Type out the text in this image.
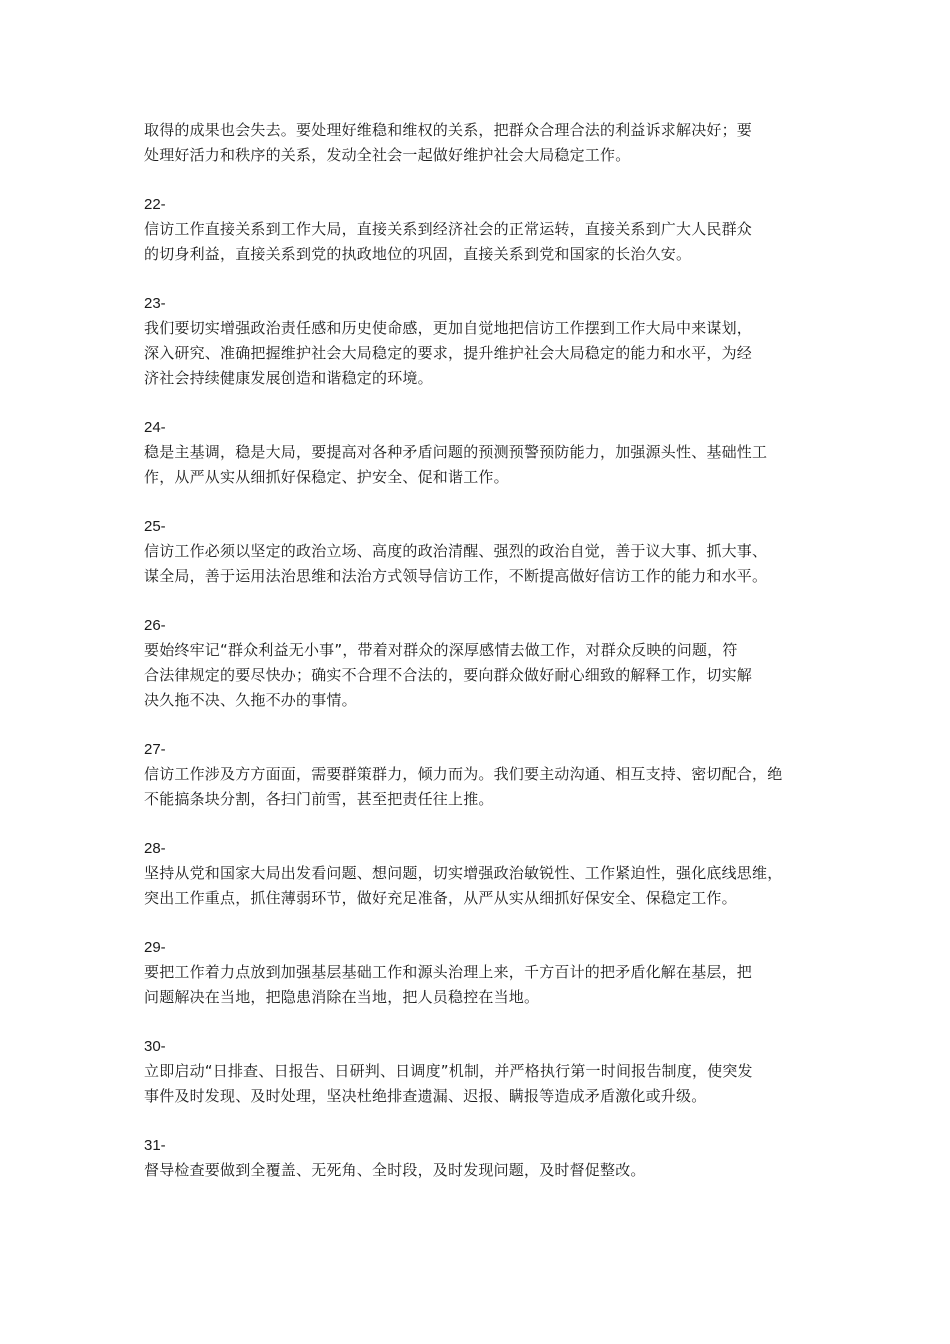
取得的成果也会失去。要处理好维稳和维权的关系，把群众合理合法的利益诉求解决好；要
处理好活力和秩序的关系，发动全社会一起做好维护社会大局稳定工作。
22-
信访工作直接关系到工作大局，直接关系到经济社会的正常运转，直接关系到广大人民群众
的切身利益，直接关系到党的执政地位的巩固，直接关系到党和国家的长治久安。
23-
我们要切实增强政治责任感和历史使命感，更加自觉地把信访工作摆到工作大局中来谋划，
深入研究、准确把握维护社会大局稳定的要求，提升维护社会大局稳定的能力和水平，为经
济社会持续健康发展创造和谐稳定的环境。
24-
稳是主基调，稳是大局，要提高对各种矛盾问题的预测预警预防能力，加强源头性、基础性工
作，从严从实从细抓好保稳定、护安全、促和谐工作。
25-
信访工作必须以坚定的政治立场、高度的政治清醒、强烈的政治自觉，善于议大事、抓大事、
谋全局，善于运用法治思维和法治方式领导信访工作，不断提高做好信访工作的能力和水平。
26-
要始终牢记“群众利益无小事”，带着对群众的深厚感情去做工作，对群众反映的问题，符
合法律规定的要尽快办；确实不合理不合法的，要向群众做好耐心细致的解释工作，切实解
决久拖不决、久拖不办的事情。
27-
信访工作涉及方方面面，需要群策群力，倾力而为。我们要主动沟通、相互支持、密切配合，绝
不能搞条块分割，各扫门前雪，甚至把责任往上推。
28-
坚持从党和国家大局出发看问题、想问题，切实增强政治敏锐性、工作紧迫性，强化底线思维，
突出工作重点，抓住薄弱环节，做好充足准备，从严从实从细抓好保安全、保稳定工作。
29-
要把工作着力点放到加强基层基础工作和源头治理上来，千方百计的把矛盾化解在基层，把
问题解决在当地，把隐患消除在当地，把人员稳控在当地。
30-
立即启动“日排查、日报告、日研判、日调度”机制，并严格执行第一时间报告制度，使突发
事件及时发现、及时处理，坚决杜绝排查遗漏、迟报、瞒报等造成矛盾激化或升级。
31-
督导检查要做到全覆盖、无死角、全时段，及时发现问题，及时督促整改。
